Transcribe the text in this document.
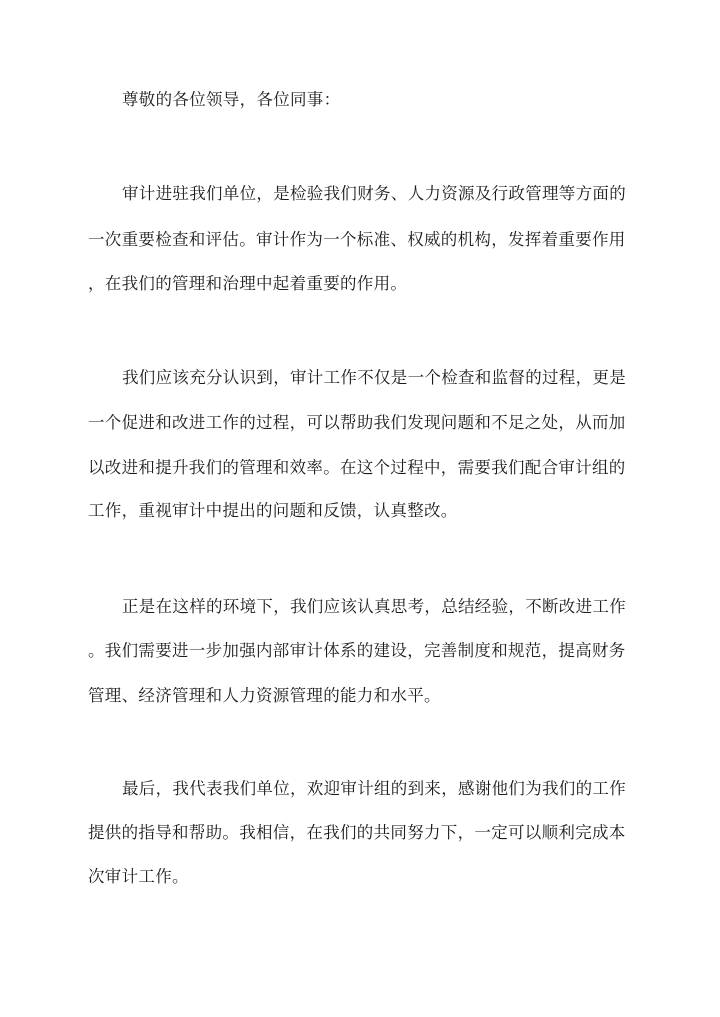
尊敬的各位领导，各位同事：
审计进驻我们单位，是检验我们财务、人力资源及行政管理等方面的
一次重要检查和评估。审计作为一个标准、权威的机构，发挥着重要作用
，在我们的管理和治理中起着重要的作用。
我们应该充分认识到，审计工作不仅是一个检查和监督的过程，更是
一个促进和改进工作的过程，可以帮助我们发现问题和不足之处，从而加
以改进和提升我们的管理和效率。在这个过程中，需要我们配合审计组的
工作，重视审计中提出的问题和反馈，认真整改。
正是在这样的环境下，我们应该认真思考，总结经验，不断改进工作
。我们需要进一步加强内部审计体系的建设，完善制度和规范，提高财务
管理、经济管理和人力资源管理的能力和水平。
最后，我代表我们单位，欢迎审计组的到来，感谢他们为我们的工作
提供的指导和帮助。我相信，在我们的共同努力下，一定可以顺利完成本
次审计工作。
